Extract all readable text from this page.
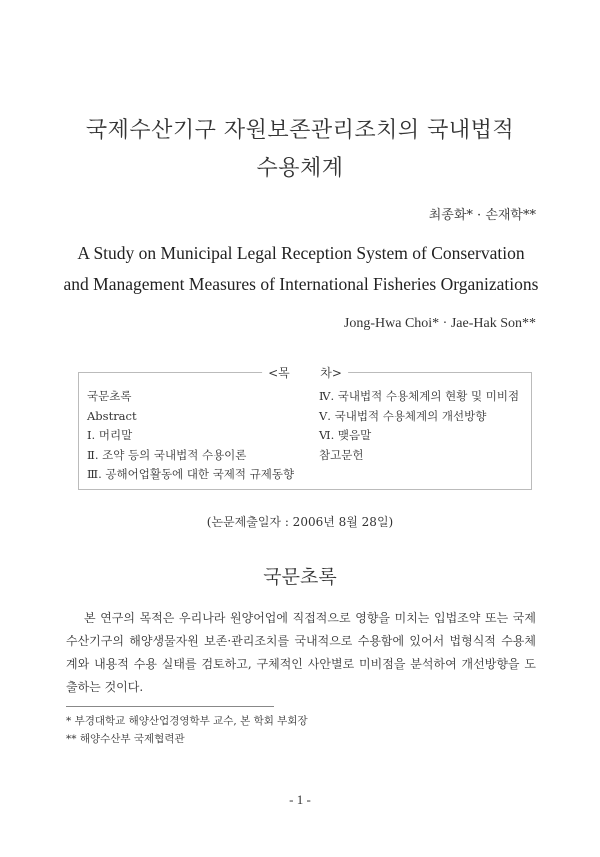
국제수산기구 자원보존관리조치의 국내법적
수용체계
최종화* · 손재학**
A Study on Municipal Legal Reception System of Conservation
and Management Measures of International Fisheries Organizations
Jong-Hwa Choi* · Jae-Hak Son**
<목        차>
국문초록
Abstract
Ⅰ. 머리말
Ⅱ. 조약 등의 국내법적 수용이론
Ⅲ. 공해어업활동에 대한 국제적 규제동향
Ⅳ. 국내법적 수용체계의 현황 및 미비점
Ⅴ. 국내법적 수용체계의 개선방향
Ⅵ. 맺음말
참고문헌
(논문제출일자 : 2006년 8월 28일)
국문초록

본 연구의 목적은 우리나라 원양어업에 직접적으로 영향을 미치는 입법조약 또는 국제수산기구의 해양생물자원 보존·관리조치를 국내적으로 수용함에 있어서 법형식적 수용체계와 내용적 수용 실태를 검토하고, 구체적인 사안별로 미비점을 분석하여 개선방향을 도출하는 것이다.

* 부경대학교 해양산업경영학부 교수, 본 학회 부회장
** 해양수산부 국제협력관
- 1 -
